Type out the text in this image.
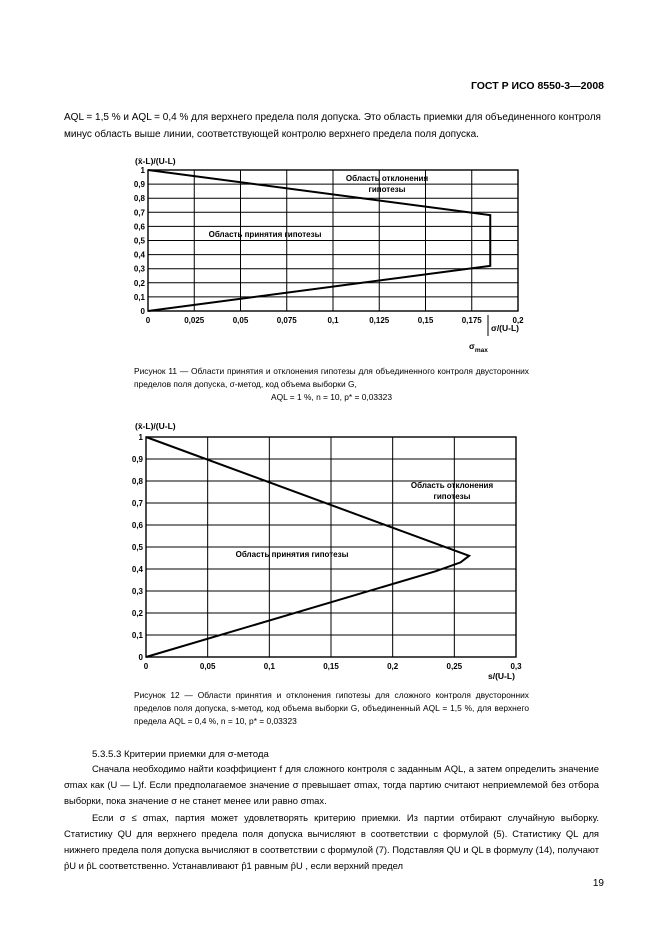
ГОСТ Р ИСО 8550-3—2008
AQL = 1,5 % и AQL = 0,4 % для верхнего предела поля допуска. Это область приемки для объединенного контроля минус область выше линии, соответствующей контролю верхнего предела поля допуска.
0	0,025	0,05	0,075	0,1	0,125	0,15	0,175	0,2
0
0,1
0,2
0,3
0,4
0,5
0,6
0,7
0,8
0,9
1
(x̄-L)/(U-L)
Область отклонения гипотезы
Область принятия гипотезы
σ/(U-L)
$\sigma_{max}$
Рисунок 11 — Области принятия и отклонения гипотезы для объединенного контроля двусторонних пределов поля допуска, σ-метод, код объема выборки G,
AQL = 1 %, n = 10, p* = 0,03323
0	0,05	0,1	0,15	0,2	0,25	0,3
0
0,1
0,2
0,3
0,4
0,5
0,6
0,7
0,8
0,9
1
(x̄-L)/(U-L)
Область отклонения гипотезы
Область принятия гипотезы
s/(U-L)
Рисунок 12 — Области принятия и отклонения гипотезы для сложного контроля двусторонних пределов поля допуска, s-метод, код объема выборки G, объединенный AQL = 1,5 %, для верхнего предела AQL = 0,4 %, n = 10, p* = 0,03323
5.3.5.3 Критерии приемки для σ-метода

Сначала необходимо найти коэффициент f для сложного контроля с заданным AQL, а затем определить значение σmax как (U — L)f. Если предполагаемое значение σ превышает σmax, тогда партию считают неприемлемой без отбора выборки, пока значение σ не станет менее или равно σmax.

Если σ ≤ σmax, партия может удовлетворять критерию приемки. Из партии отбирают случайную выборку. Статистику QU для верхнего предела поля допуска вычисляют в соответствии с формулой (5). Статистику QL для нижнего предела поля допуска вычисляют в соответствии с формулой (7). Подставляя QU и QL в формулу (14), получают p̂U и p̂L соответственно. Устанавливают p̂1 равным p̂U , если верхний предел

19
